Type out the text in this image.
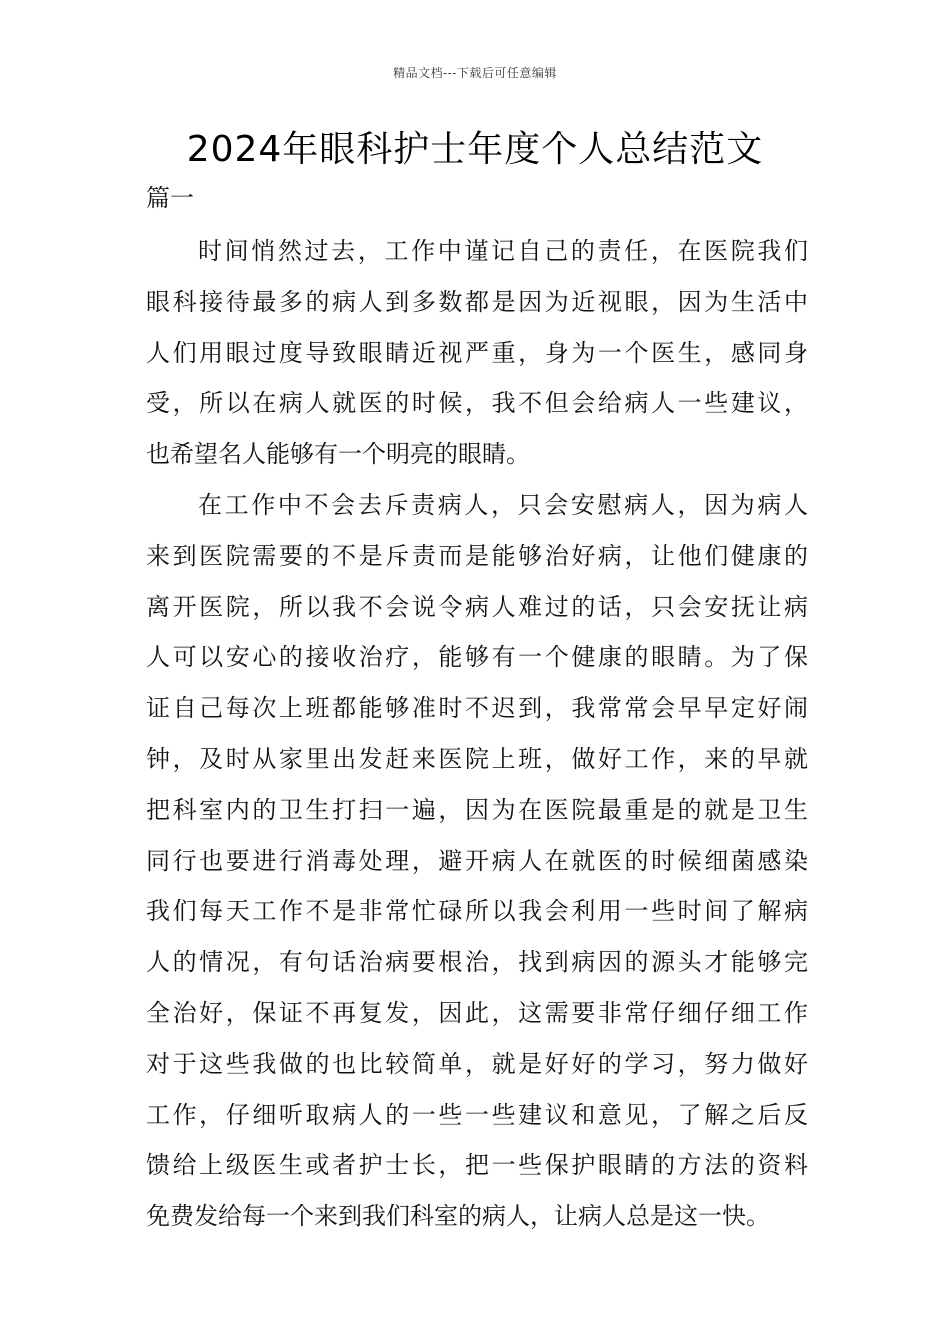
精品文档---下载后可任意编辑
2024年眼科护士年度个人总结范文
篇一

时间悄然过去，工作中谨记自己的责任，在医院我们
眼科接待最多的病人到多数都是因为近视眼，因为生活中
人们用眼过度导致眼睛近视严重，身为一个医生，感同身
受，所以在病人就医的时候，我不但会给病人一些建议，
也希望名人能够有一个明亮的眼睛。

在工作中不会去斥责病人，只会安慰病人，因为病人
来到医院需要的不是斥责而是能够治好病，让他们健康的
离开医院，所以我不会说令病人难过的话，只会安抚让病
人可以安心的接收治疗，能够有一个健康的眼睛。为了保
证自己每次上班都能够准时不迟到，我常常会早早定好闹
钟，及时从家里出发赶来医院上班，做好工作，来的早就
把科室内的卫生打扫一遍，因为在医院最重是的就是卫生
同行也要进行消毒处理，避开病人在就医的时候细菌感染
我们每天工作不是非常忙碌所以我会利用一些时间了解病
人的情况，有句话治病要根治，找到病因的源头才能够完
全治好，保证不再复发，因此，这需要非常仔细仔细工作
对于这些我做的也比较简单，就是好好的学习，努力做好
工作，仔细听取病人的一些一些建议和意见，了解之后反
馈给上级医生或者护士长，把一些保护眼睛的方法的资料
免费发给每一个来到我们科室的病人，让病人总是这一快。
